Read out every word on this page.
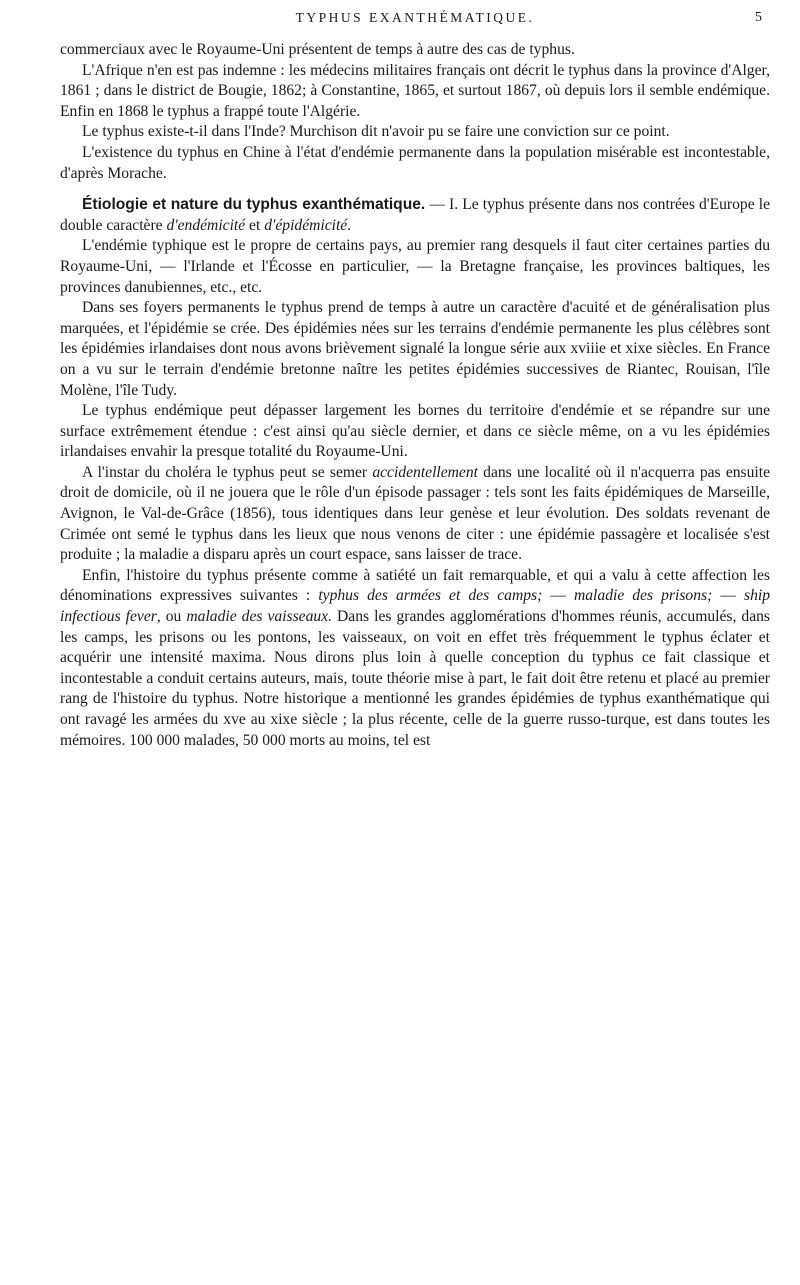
TYPHUS EXANTHÉMATIQUE.	5

commerciaux avec le Royaume-Uni présentent de temps à autre des cas de typhus.

L'Afrique n'en est pas indemne : les médecins militaires français ont décrit le typhus dans la province d'Alger, 1861 ; dans le district de Bougie, 1862; à Constantine, 1865, et surtout 1867, où depuis lors il semble endémique. Enfin en 1868 le typhus a frappé toute l'Algérie.

Le typhus existe-t-il dans l'Inde? Murchison dit n'avoir pu se faire une conviction sur ce point.

L'existence du typhus en Chine à l'état d'endémie permanente dans la population misérable est incontestable, d'après Morache.

Étiologie et nature du typhus exanthématique. — I. Le typhus présente dans nos contrées d'Europe le double caractère d'endémicité et d'épidémicité.

L'endémie typhique est le propre de certains pays, au premier rang desquels il faut citer certaines parties du Royaume-Uni, — l'Irlande et l'Écosse en particulier, — la Bretagne française, les provinces baltiques, les provinces danubiennes, etc., etc.

Dans ses foyers permanents le typhus prend de temps à autre un caractère d'acuité et de généralisation plus marquées, et l'épidémie se crée. Des épidémies nées sur les terrains d'endémie permanente les plus célèbres sont les épidémies irlandaises dont nous avons brièvement signalé la longue série aux xviiie et xixe siècles. En France on a vu sur le terrain d'endémie bretonne naître les petites épidémies successives de Riantec, Rouisan, l'île Molène, l'île Tudy.

Le typhus endémique peut dépasser largement les bornes du territoire d'endémie et se répandre sur une surface extrêmement étendue : c'est ainsi qu'au siècle dernier, et dans ce siècle même, on a vu les épidémies irlandaises envahir la presque totalité du Royaume-Uni.

A l'instar du choléra le typhus peut se semer accidentellement dans une localité où il n'acquerra pas ensuite droit de domicile, où il ne jouera que le rôle d'un épisode passager : tels sont les faits épidémiques de Marseille, Avignon, le Val-de-Grâce (1856), tous identiques dans leur genèse et leur évolution. Des soldats revenant de Crimée ont semé le typhus dans les lieux que nous venons de citer : une épidémie passagère et localisée s'est produite ; la maladie a disparu après un court espace, sans laisser de trace.

Enfin, l'histoire du typhus présente comme à satiété un fait remarquable, et qui a valu à cette affection les dénominations expressives suivantes : typhus des armées et des camps; — maladie des prisons; — ship infectious fever, ou maladie des vaisseaux. Dans les grandes agglomérations d'hommes réunis, accumulés, dans les camps, les prisons ou les pontons, les vaisseaux, on voit en effet très fréquemment le typhus éclater et acquérir une intensité maxima. Nous dirons plus loin à quelle conception du typhus ce fait classique et incontestable a conduit certains auteurs, mais, toute théorie mise à part, le fait doit être retenu et placé au premier rang de l'histoire du typhus. Notre historique a mentionné les grandes épidémies de typhus exanthématique qui ont ravagé les armées du xve au xixe siècle ; la plus récente, celle de la guerre russo-turque, est dans toutes les mémoires. 100 000 malades, 50 000 morts au moins, tel est
